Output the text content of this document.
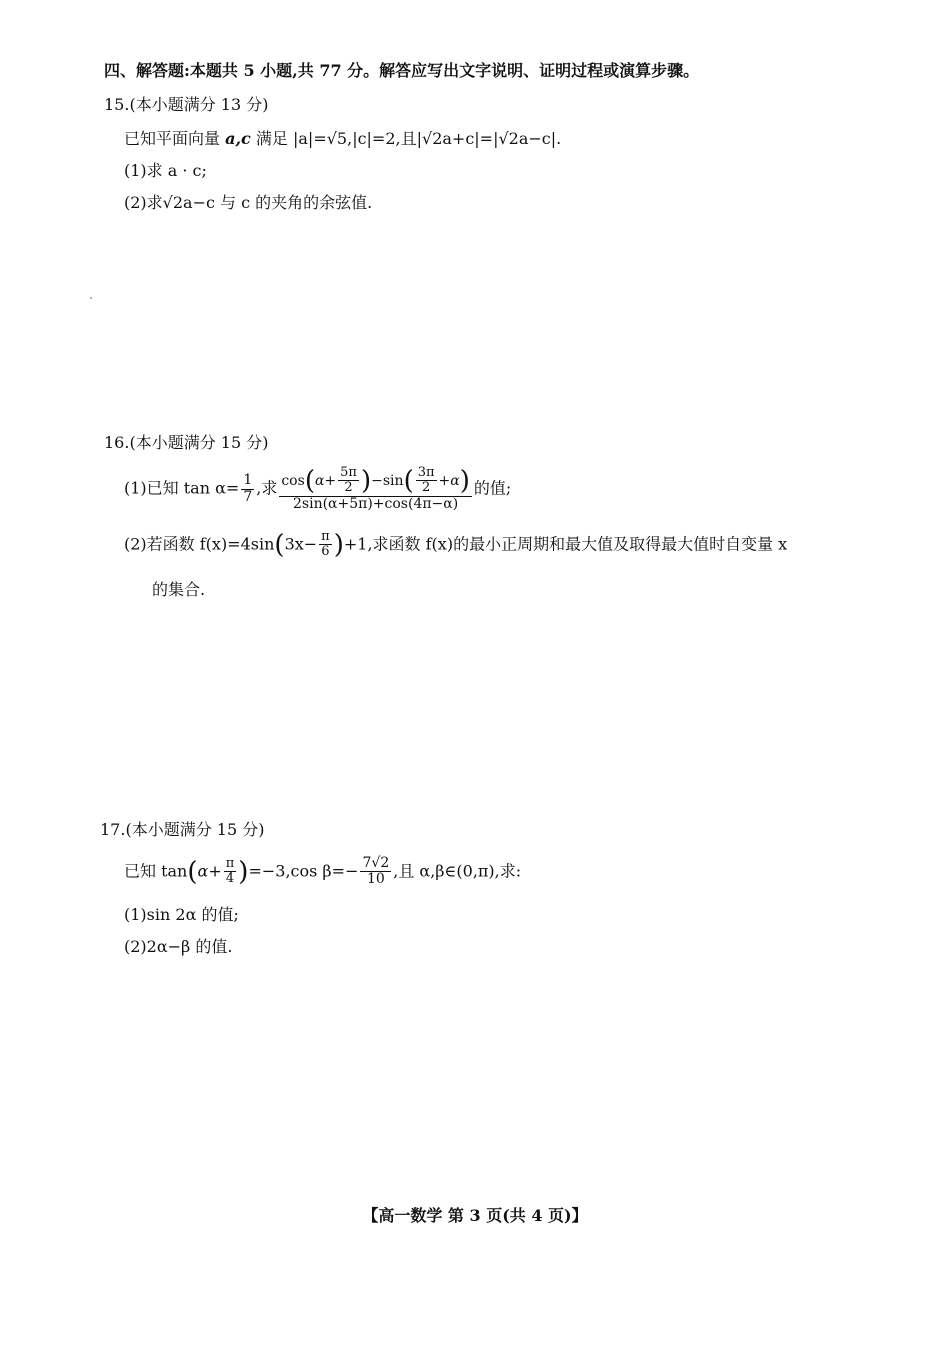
四、解答题:本题共 5 小题,共 77 分。解答应写出文字说明、证明过程或演算步骤。
15.(本小题满分 13 分)
已知平面向量 a,c 满足 |a|=√5,|c|=2,且|√2a+c|=|√2a−c|.
(1)求 a · c;
(2)求√2a−c 与 c 的夹角的余弦值.
16.(本小题满分 15 分)
(1)已知 $\tan \alpha= \frac{1}{7}$ ,求 $\frac{\cos(\alpha+ \frac{5\pi}{2} )-\sin( \frac{3\pi}{2} +\alpha)}{2\sin(\alpha+5\pi)+\cos(4\pi-\alpha)}$ 的值;
(2)若函数 $f(x)=4\sin(3x- \frac{\pi}{6} )+1$,求函数 f(x)的最小正周期和最大值及取得最大值时自变量 x
的集合.
17.(本小题满分 15 分)
已知 $\tan(\alpha+ \frac{\pi}{4} )=-3,\cos$ $\beta=- \frac{7√2}{10}$ ,且 α,β∈(0,π),求:
(1)sin 2α 的值;
(2)2α−β 的值.
【高一数学 第 3 页(共 4 页)】
